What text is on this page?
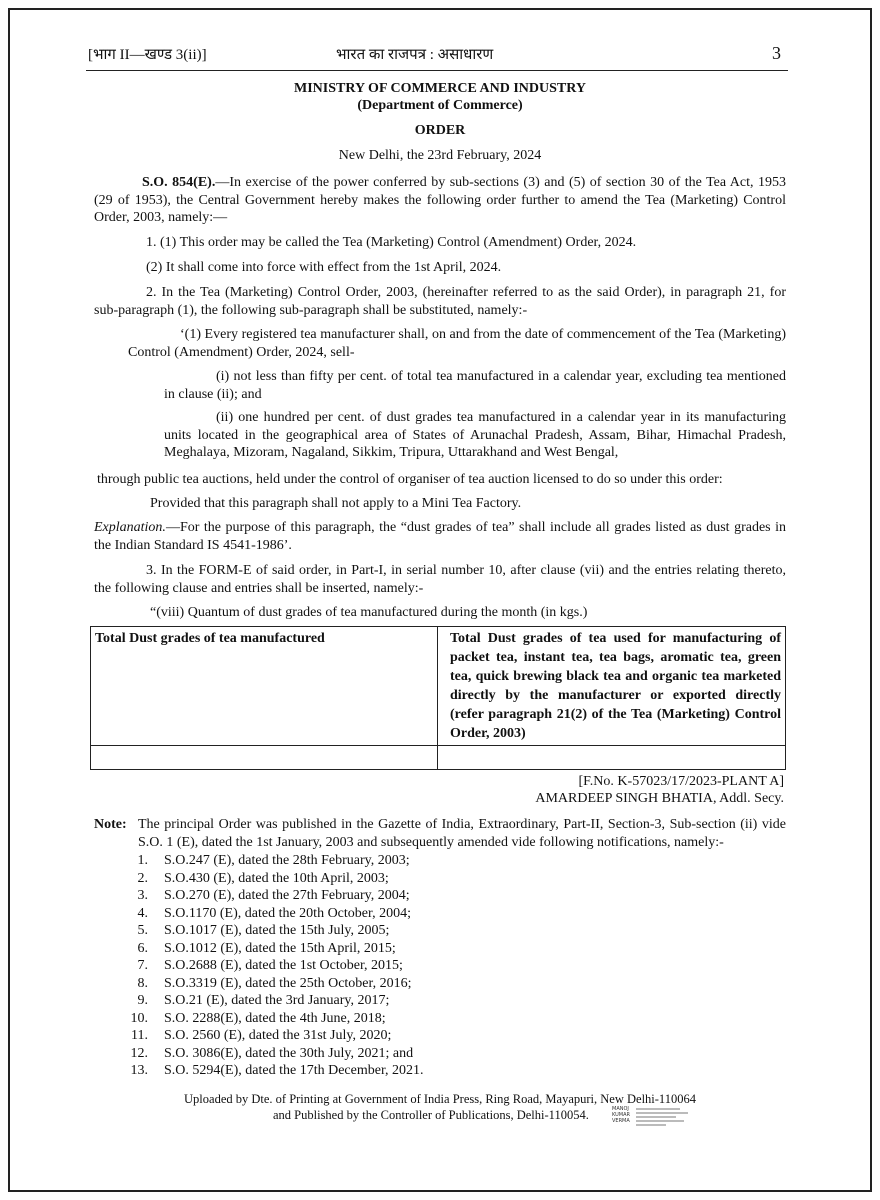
[भाग II—खण्ड 3(ii)]	भारत का राजपत्र : असाधारण	3
MINISTRY OF COMMERCE AND INDUSTRY
(Department of Commerce)
ORDER
New Delhi, the 23rd February, 2024
S.O. 854(E).—In exercise of the power conferred by sub-sections (3) and (5) of section 30 of the Tea Act, 1953 (29 of 1953), the Central Government hereby makes the following order further to amend the Tea (Marketing) Control Order, 2003, namely:—
1. (1) This order may be called the Tea (Marketing) Control (Amendment) Order, 2024.
(2) It shall come into force with effect from the 1st April, 2024.
2. In the Tea (Marketing) Control Order, 2003, (hereinafter referred to as the said Order), in paragraph 21, for sub-paragraph (1), the following sub-paragraph shall be substituted, namely:-
‘(1) Every registered tea manufacturer shall, on and from the date of commencement of the Tea (Marketing) Control (Amendment) Order, 2024, sell-
(i) not less than fifty per cent. of total tea manufactured in a calendar year, excluding tea mentioned in clause (ii); and
(ii) one hundred per cent. of dust grades tea manufactured in a calendar year in its manufacturing units located in the geographical area of States of Arunachal Pradesh, Assam, Bihar, Himachal Pradesh, Meghalaya, Mizoram, Nagaland, Sikkim, Tripura, Uttarakhand and West Bengal,
through public tea auctions, held under the control of organiser of tea auction licensed to do so under this order:
Provided that this paragraph shall not apply to a Mini Tea Factory.
Explanation.—For the purpose of this paragraph, the “dust grades of tea” shall include all grades listed as dust grades in the Indian Standard IS 4541-1986’.
3. In the FORM-E of said order, in Part-I, in serial number 10, after clause (vii) and the entries relating thereto, the following clause and entries shall be inserted, namely:-
“(viii) Quantum of dust grades of tea manufactured during the month (in kgs.)
Total Dust grades of tea manufactured	Total Dust grades of tea used for manufacturing of packet tea, instant tea, tea bags, aromatic tea, green tea, quick brewing black tea and organic tea marketed directly by the manufacturer or exported directly (refer paragraph 21(2) of the Tea (Marketing) Control Order, 2003)

[F.No. K-57023/17/2023-PLANT A]
AMARDEEP SINGH BHATIA, Addl. Secy.
Note: The principal Order was published in the Gazette of India, Extraordinary, Part-II, Section-3, Sub-section (ii) vide S.O. 1 (E), dated the 1st January, 2003 and subsequently amended vide following notifications, namely:-
1. S.O.247 (E), dated the 28th February, 2003;
2. S.O.430 (E), dated the 10th April, 2003;
3. S.O.270 (E), dated the 27th February, 2004;
4. S.O.1170 (E), dated the 20th October, 2004;
5. S.O.1017 (E), dated the 15th July, 2005;
6. S.O.1012 (E), dated the 15th April, 2015;
7. S.O.2688 (E), dated the 1st October, 2015;
8. S.O.3319 (E), dated the 25th October, 2016;
9. S.O.21 (E), dated the 3rd January, 2017;
10. S.O. 2288(E), dated the 4th June, 2018;
11. S.O. 2560 (E), dated the 31st July, 2020;
12. S.O. 3086(E), dated the 30th July, 2021; and
13. S.O. 5294(E), dated the 17th December, 2021.
Uploaded by Dte. of Printing at Government of India Press, Ring Road, Mayapuri, New Delhi-110064
and Published by the Controller of Publications, Delhi-110054.	MANOJ KUMAR VERMA
